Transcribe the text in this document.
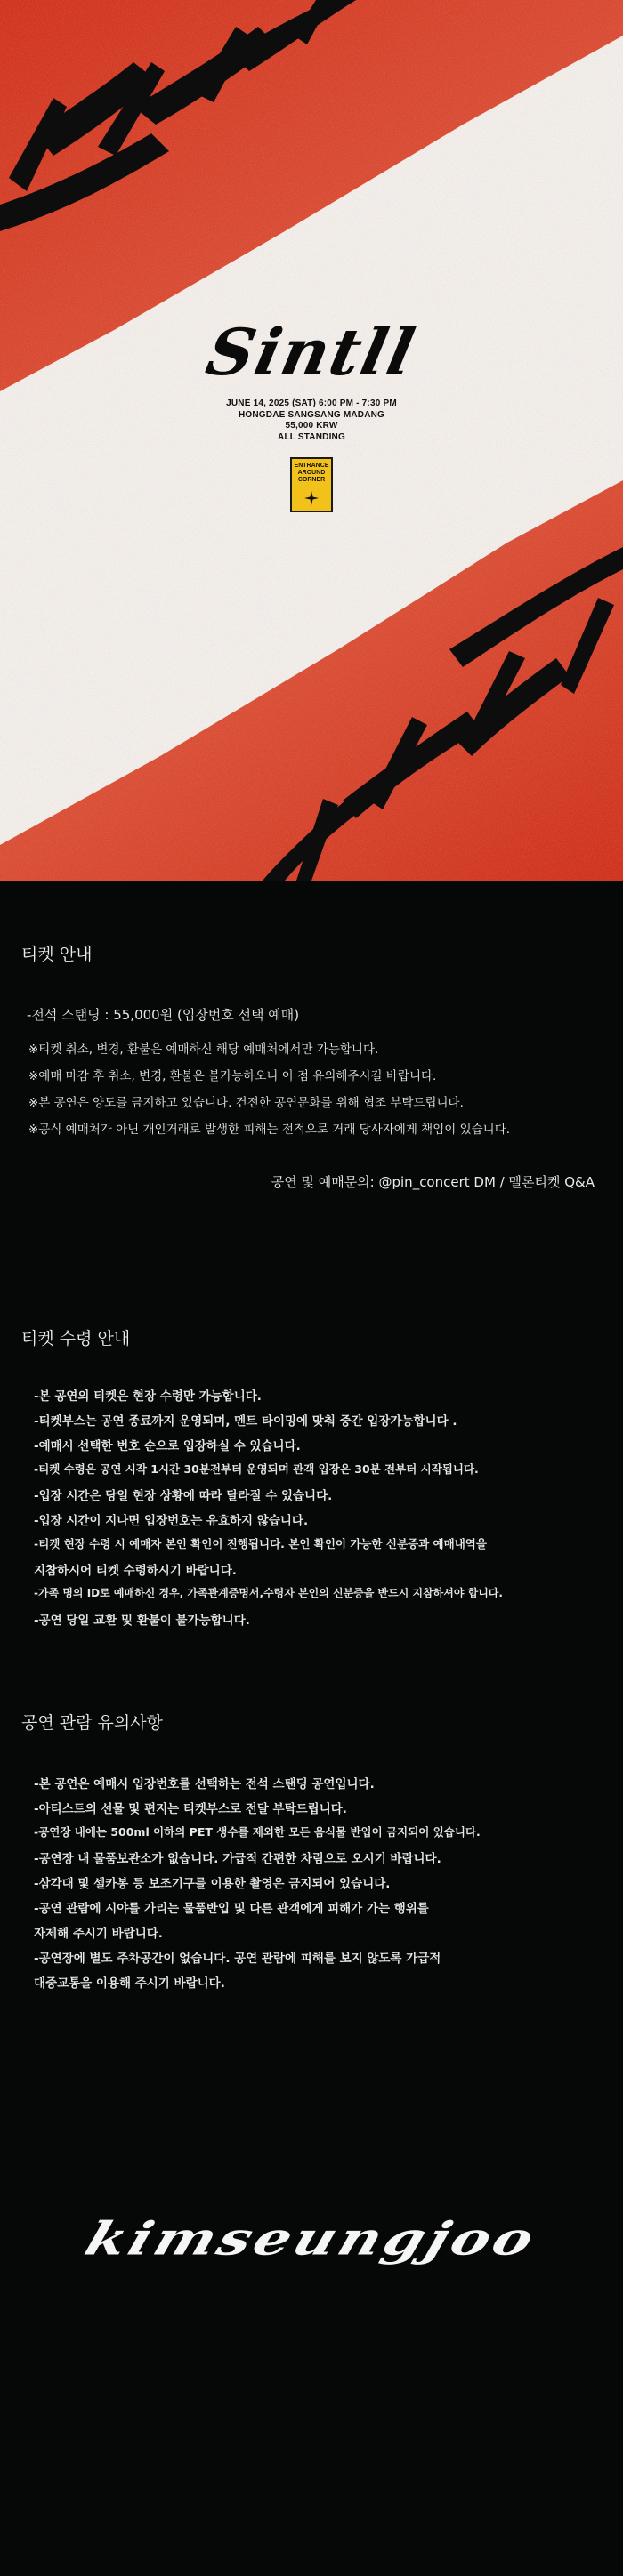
Sintll
JUNE 14, 2025 (SAT) 6:00 PM - 7:30 PM
HONGDAE SANGSANG MADANG
55,000 KRW
ALL STANDING
ENTRANCE
AROUND
CORNER
티켓 안내
-전석 스탠딩 : 55,000원 (입장번호 선택 예매)
※티켓 취소, 변경, 환불은 예매하신 해당 예매처에서만 가능합니다.
※예매 마감 후 취소, 변경, 환불은 불가능하오니 이 점 유의해주시길 바랍니다.
※본 공연은 양도를 금지하고 있습니다. 건전한 공연문화를 위해 협조 부탁드립니다.
※공식 예매처가 아닌 개인거래로 발생한 피해는 전적으로 거래 당사자에게 책임이 있습니다.
공연 및 예매문의: @pin_concert DM / 멜론티켓 Q&A
티켓 수령 안내
-본 공연의 티켓은 현장 수령만 가능합니다.
-티켓부스는 공연 종료까지 운영되며, 멘트 타이밍에 맞춰 중간 입장가능합니다 .
-예매시 선택한 번호 순으로 입장하실 수 있습니다.
-티켓 수령은 공연 시작 1시간 30분전부터 운영되며 관객 입장은 30분 전부터 시작됩니다.
-입장 시간은 당일 현장 상황에 따라 달라질 수 있습니다.
-입장 시간이 지나면 입장번호는 유효하지 않습니다.
-티켓 현장 수령 시 예매자 본인 확인이 진행됩니다. 본인 확인이 가능한 신분증과 예매내역을
지참하시어 티켓 수령하시기 바랍니다.
-가족 명의 ID로 예매하신 경우, 가족관계증명서,수령자 본인의 신분증을 반드시 지참하셔야 합니다.
-공연 당일 교환 및 환불이 불가능합니다.
공연 관람 유의사항
-본 공연은 예매시 입장번호를 선택하는 전석 스탠딩 공연입니다.
-아티스트의 선물 및 편지는 티켓부스로 전달 부탁드립니다.
-공연장 내에는 500ml 이하의 PET 생수를 제외한 모든 음식물 반입이 금지되어 있습니다.
-공연장 내 물품보관소가 없습니다. 가급적 간편한 차림으로 오시기 바랍니다.
-삼각대 및 셀카봉 등 보조기구를 이용한 촬영은 금지되어 있습니다.
-공연 관람에 시야를 가리는 물품반입 및 다른 관객에게 피해가 가는 행위를
자제해 주시기 바랍니다.
-공연장에 별도 주차공간이 없습니다. 공연 관람에 피해를 보지 않도록 가급적
대중교통을 이용해 주시기 바랍니다.
kimseungjoo
